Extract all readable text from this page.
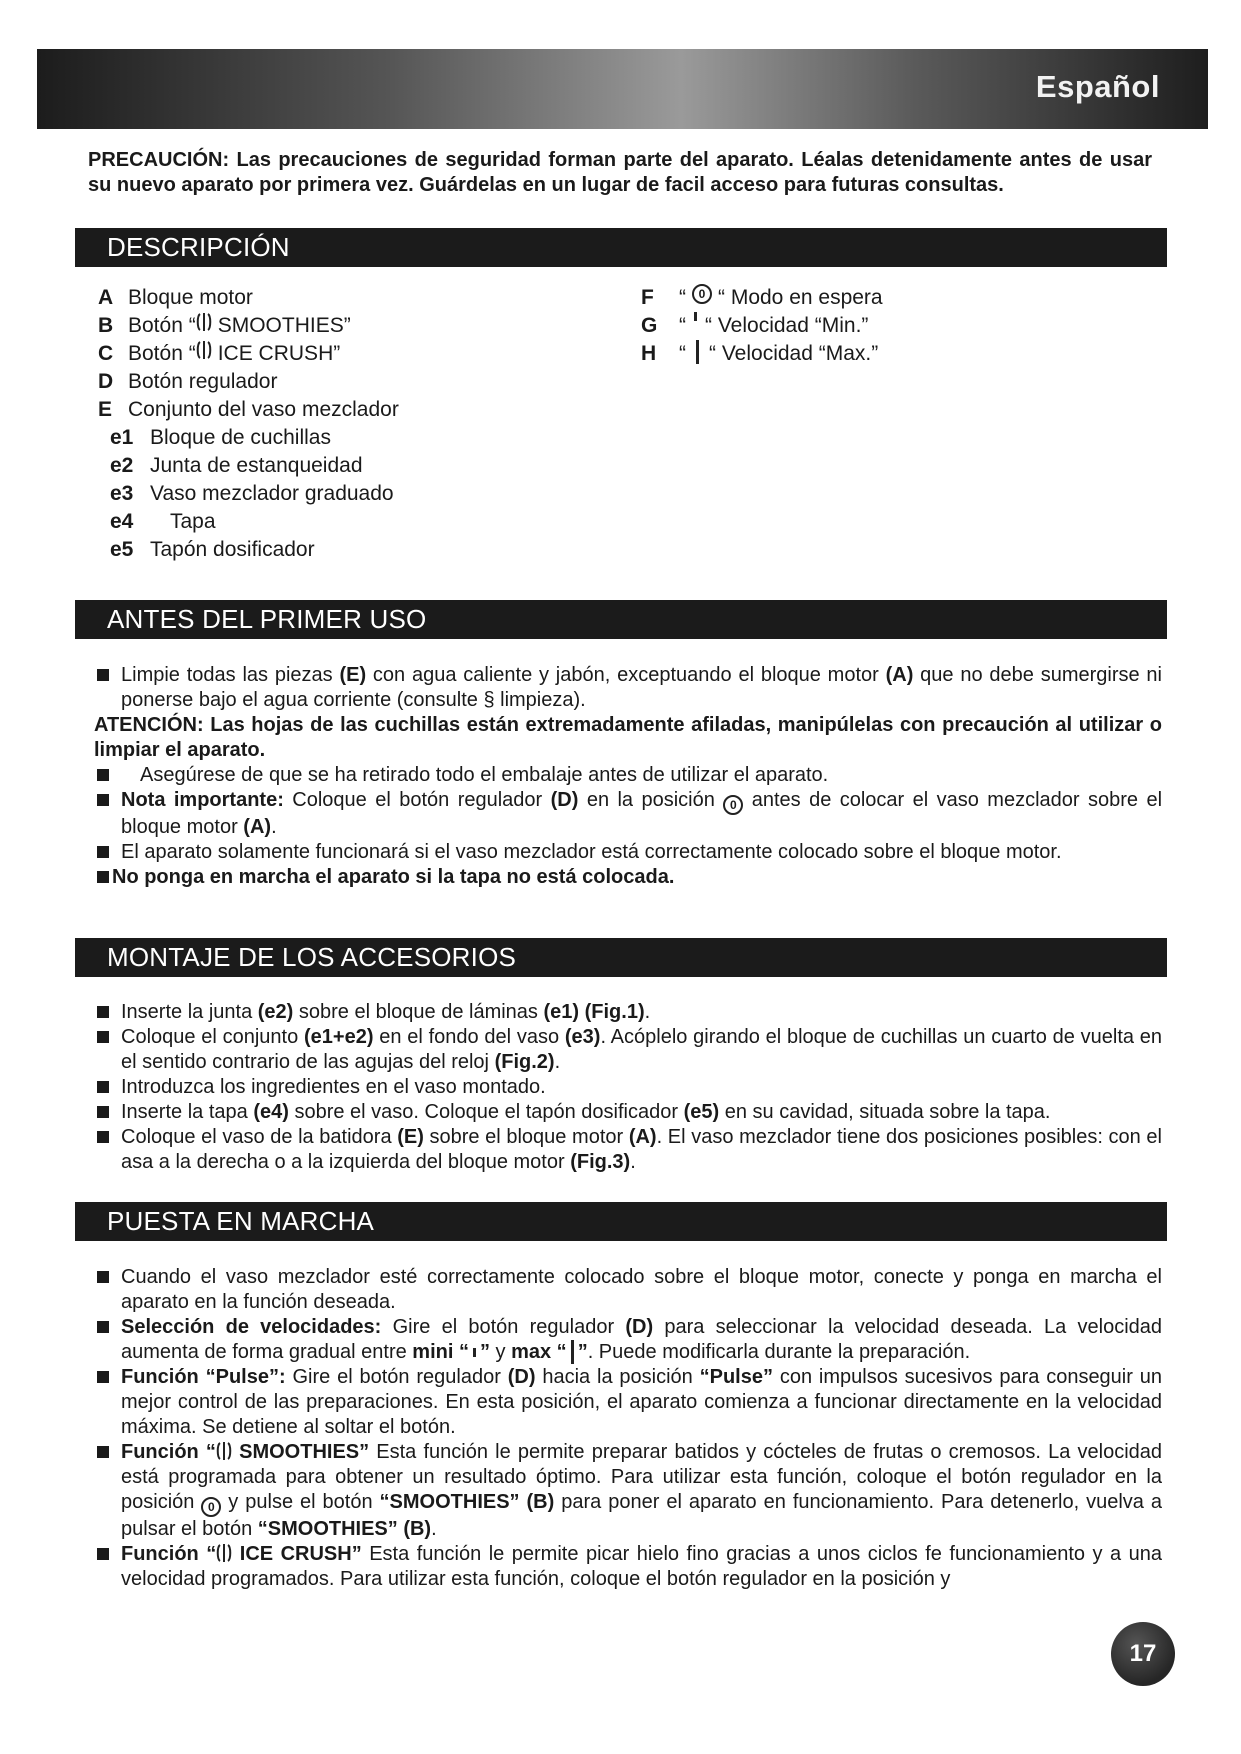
Español
PRECAUCIÓN: Las precauciones de seguridad forman parte del aparato. Léalas detenidamente antes de usar su nuevo aparato por primera vez. Guárdelas en un lugar de facil acceso para futuras consultas.
DESCRIPCIÓN
A Bloque motor
B Botón “ SMOOTHIES”
C Botón “ ICE CRUSH”
D Botón regulador
E Conjunto del vaso mezclador
e1 Bloque de cuchillas
e2 Junta de estanqueidad
e3 Vaso mezclador graduado
e4	Tapa
e5 Tapón dosificador
F	“	0 “ Modo en espera
G	“ “ Velocidad “Min.”
H	“ “ Velocidad “Max.”
ANTES DEL PRIMER USO
Limpie todas las piezas (E) con agua caliente y jabón, exceptuando el bloque motor (A) que no debe sumergirse ni ponerse bajo el agua corriente (consulte § limpieza).
ATENCIÓN: Las hojas de las cuchillas están extremadamente afiladas, manipúlelas con precaución al utilizar o limpiar el aparato.
Asegúrese de que se ha retirado todo el embalaje antes de utilizar el aparato.
Nota importante: Coloque el botón regulador (D) en la posición 0 antes de colocar el vaso mezclador sobre el bloque motor (A).
El aparato solamente funcionará si el vaso mezclador está correctamente colocado sobre el bloque motor.
No ponga en marcha el aparato si la tapa no está colocada.
MONTAJE DE LOS ACCESORIOS
Inserte la junta (e2) sobre el bloque de láminas (e1) (Fig.1).
Coloque el conjunto (e1+e2) en el fondo del vaso (e3). Acóplelo girando el bloque de cuchillas un cuarto de vuelta en el sentido contrario de las agujas del reloj (Fig.2).
Introduzca los ingredientes en el vaso montado.
Inserte la tapa (e4) sobre el vaso. Coloque el tapón dosificador (e5) en su cavidad, situada sobre la tapa.
Coloque el vaso de la batidora (E) sobre el bloque motor (A). El vaso mezclador tiene dos posiciones posibles: con el asa a la derecha o a la izquierda del bloque motor (Fig.3).
PUESTA EN MARCHA
Cuando el vaso mezclador esté correctamente colocado sobre el bloque motor, conecte y ponga en marcha el aparato en la función deseada.
Selección de velocidades: Gire el botón regulador (D) para seleccionar la velocidad deseada. La velocidad aumenta de forma gradual entre mini “ ” y max “ ”. Puede modificarla durante la preparación.
Función “Pulse”: Gire el botón regulador (D) hacia la posición “Pulse” con impulsos sucesivos para conseguir un mejor control de las preparaciones. En esta posición, el aparato comienza a funcionar directamente en la velocidad máxima. Se detiene al soltar el botón.
Función “ SMOOTHIES” Esta función le permite preparar batidos y cócteles de frutas o cremosos. La velocidad está programada para obtener un resultado óptimo. Para utilizar esta función, coloque el botón regulador en la posición 0 y pulse el botón “SMOOTHIES” (B) para poner el aparato en funcionamiento. Para detenerlo, vuelva a pulsar el botón “SMOOTHIES” (B).
Función “ ICE CRUSH” Esta función le permite picar hielo fino gracias a unos ciclos fe funcionamiento y a una velocidad programados. Para utilizar esta función, coloque el botón regulador en la posición y
17
